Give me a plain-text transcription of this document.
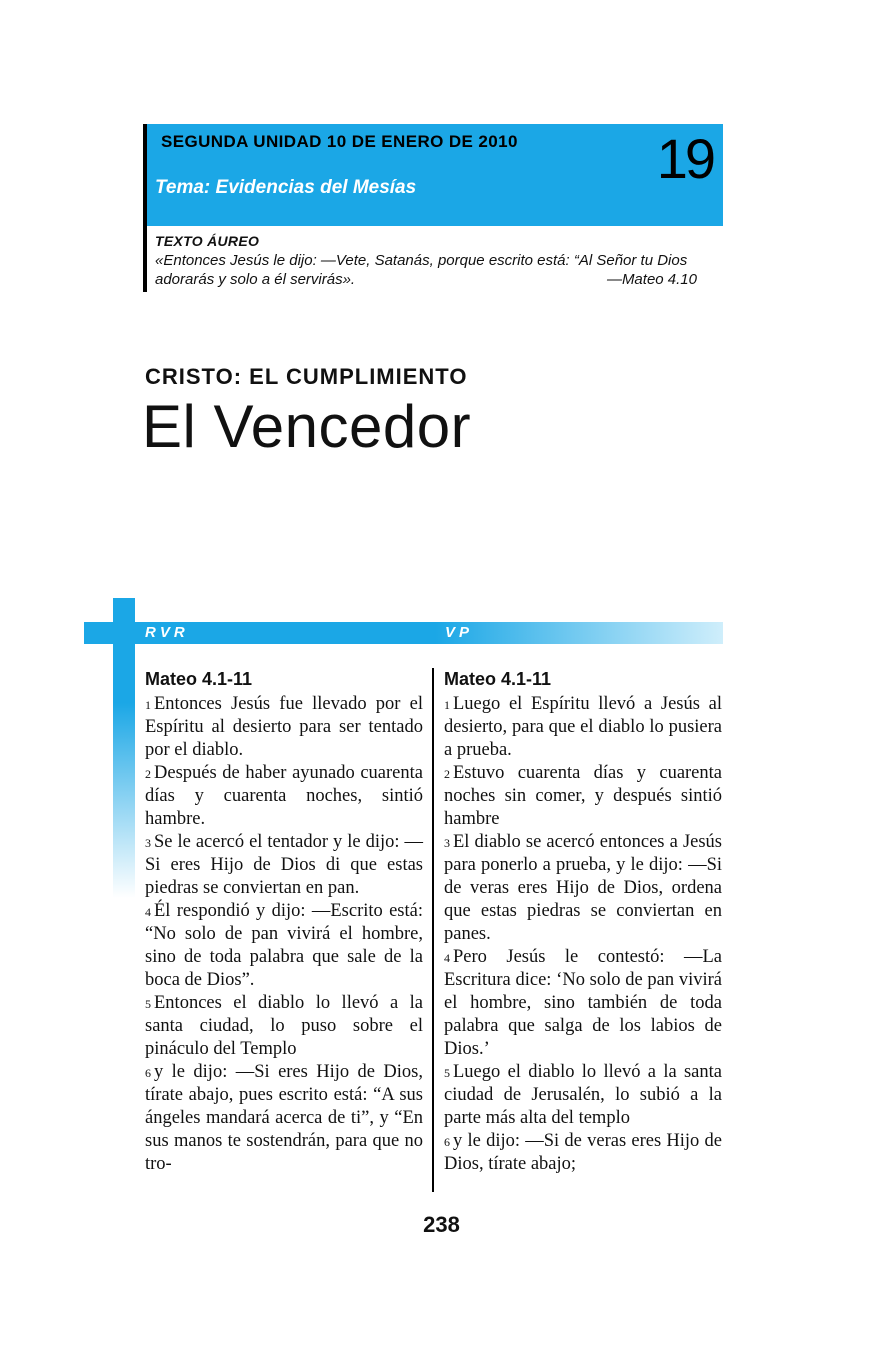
SEGUNDA UNIDAD 10 DE ENERO DE 2010
Tema: Evidencias del Mesías	19
TEXTO ÁUREO
«Entonces Jesús le dijo: —Vete, Satanás, porque escrito está: “Al Señor tu Dios adorarás y solo a él servirás».	—Mateo 4.10
CRISTO: EL CUMPLIMIENTO
El Vencedor
RVR	VP
Mateo 4.1-11
$^1$ Entonces Jesús fue llevado por el Espíritu al desierto para ser tentado por el diablo.
$^2$ Después de haber ayunado cuarenta días y cuarenta noches, sintió hambre.
$^3$ Se le acercó el tentador y le dijo: —Si eres Hijo de Dios di que estas piedras se conviertan en pan.
$^4$ Él respondió y dijo: —Escrito está: “No solo de pan vivirá el hombre, sino de toda palabra que sale de la boca de Dios”.
$^5$ Entonces el diablo lo llevó a la santa ciudad, lo puso sobre el pináculo del Templo
$^6$ y le dijo: —Si eres Hijo de Dios, tírate abajo, pues escrito está: “A sus ángeles mandará acerca de ti”, y “En sus manos te sostendrán, para que no tro-
Mateo 4.1-11
$^1$ Luego el Espíritu llevó a Jesús al desierto, para que el diablo lo pusiera a prueba.
$^2$ Estuvo cuarenta días y cuarenta noches sin comer, y después sintió hambre
$^3$ El diablo se acercó entonces a Jesús para ponerlo a prueba, y le dijo: —Si de veras eres Hijo de Dios, ordena que estas piedras se conviertan en panes.
$^4$ Pero Jesús le contestó: —La Escritura dice: ‘No solo de pan vivirá el hombre, sino también de toda palabra que salga de los labios de Dios.’
$^5$ Luego el diablo lo llevó a la santa ciudad de Jerusalén, lo subió a la parte más alta del templo
$^6$ y le dijo: —Si de veras eres Hijo de Dios, tírate abajo;
238
